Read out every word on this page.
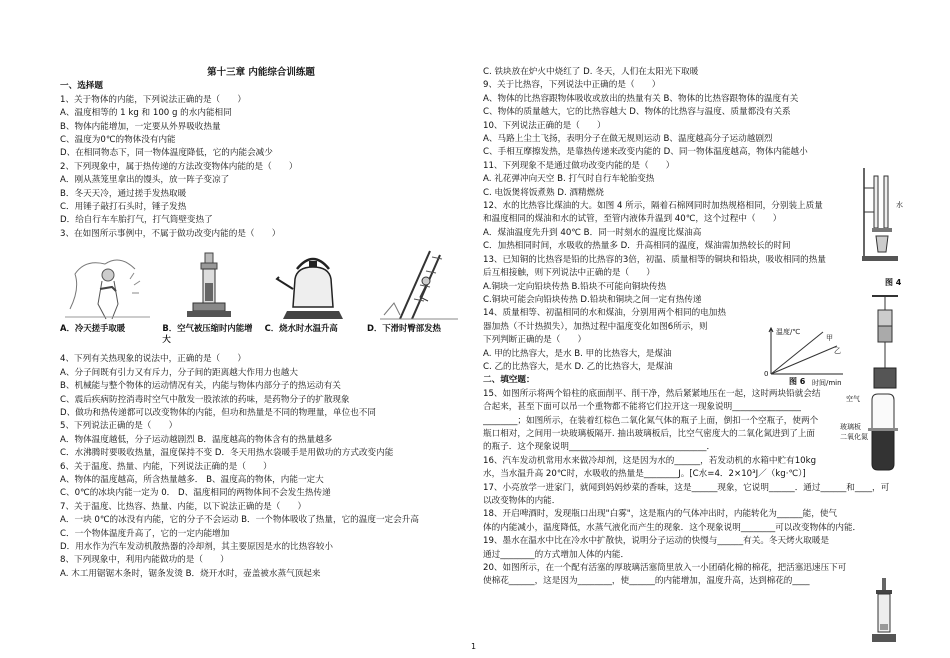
第十三章 内能综合训练题
一、选择题
1、关于物体的内能，下列说法正确的是（　　）
A、温度相等的 1 kg 和 100 g 的水内能相同
B、物体内能增加，一定要从外界吸收热量
C、温度为0℃的物体没有内能
D、在相同物态下，同一物体温度降低，它的内能会减少
2、下列现象中，属于热传递的方法改变物体内能的是（　　）
A．刚从蒸笼里拿出的馒头，放一阵子变凉了
B．冬天天冷，通过搓手发热取暖
C．用锤子敲打石头时，锤子发热
D．给自行车车胎打气，打气筒壁变热了
3、在如图所示事例中，不属于做功改变内能的是（　　）
A．冷天搓手取暖	B．空气被压缩时内能增大
C．烧水时水温升高	D．下滑时臀部发热
4、下列有关热现象的说法中，正确的是（　　）
A、分子间既有引力又有斥力，分子间的距离越大作用力也越大
B、机械能与整个物体的运动情况有关，内能与物体内部分子的热运动有关
C、震后疾病防控消毒时空气中散发一股浓浓的药味，是药物分子的扩散现象
D、做功和热传递都可以改变物体的内能，但功和热量是不同的物理量，单位也不同
5、下列说法正确的是（　　）
A．物体温度越低，分子运动越剧烈 B．温度越高的物体含有的热量越多
C．水沸腾时要吸收热量，温度保持不变 D．冬天用热水袋暖手是用做功的方式改变内能
6、关于温度、热量、内能，下列说法正确的是（　　）
A、物体的温度越高，所含热量越多． B、温度高的物体，内能一定大
C、0℃的冰块内能一定为 0． D、温度相同的两物体间不会发生热传递
7、关于温度、比热容、热量、内能，以下说法正确的是（　　）
A．一块 0℃的冰没有内能，它的分子不会运动 B．一个物体吸收了热量，它的温度一定会升高
C．一个物体温度升高了，它的一定内能增加
D．用水作为汽车发动机散热器的冷却剂，其主要原因是水的比热容较小
8、下列现象中，利用内能做功的是（　　）
A. 木工用锯锯木条时，锯条发烫 B．烧开水时，壶盖被水蒸气顶起来
C. 铁块放在炉火中烧红了 D. 冬天，人们在太阳光下取暖
9、关于比热容，下列说法中正确的是（　　）
A、物体的比热容跟物体吸收或放出的热量有关 B、物体的比热容跟物体的温度有关
C、物体的质量越大，它的比热容越大 D、物体的比热容与温度、质量都没有关系
10、下列说法正确的是（　　）
A、马路上尘土飞扬，表明分子在做无规则运动 B、温度越高分子运动越剧烈
C、手相互摩擦发热，是靠热传递来改变内能的 D、同一物体温度越高，物体内能越小
11、下列现象不是通过做功改变内能的是（　　）
A. 礼花弹冲向天空 B. 打气时自行车轮胎变热
C. 电饭煲将饭煮熟 D. 酒精燃烧
12、水的比热容比煤油的大。如图 4 所示，隔着石棉网同时加热规格相同，分别装上质量
和温度相同的煤油和水的试管，至管内液体升温到 40℃，这个过程中（　　）
A．煤油温度先升到 40℃ B．同一时刻水的温度比煤油高
C．加热相同时间，水吸收的热量多 D．升高相同的温度，煤油需加热较长的时间
13、已知铜的比热容是铅的比热容的3倍，初温、质量相等的铜块和铅块，吸收相同的热量
后互相接触，则下列说法中正确的是（　　）
A.铜块一定向铅块传热 B.铅块不可能向铜块传热
C.铜块可能会向铅块传热 D.铅块和铜块之间一定有热传递
14、质量相等、初温相同的水和煤油，分别用两个相同的电加热
器加热（不计热损失），加热过程中温度变化如图6所示，则
下列判断正确的是（　　）
A. 甲的比热容大，是水 B. 甲的比热容大，是煤油
C. 乙的比热容大，是水 D. 乙的比热容大，是煤油
二、填空题：
15、如图所示将两个铅柱的底面削平、削干净，然后紧紧地压在一起，这时两块铅就会结
合起来，甚至下面可以吊一个重物都不能将它们拉开这一现象说明________________
________；如图所示，在装着红棕色二氧化氮气体的瓶子上面，倒扣一个空瓶子，使两个
瓶口相对，之间用一块玻璃板隔开. 抽出玻璃板后，比空气密度大的二氧化氮进到了上面
的瓶子．这个现象说明________________________________．
16、汽车发动机常用水来做冷却剂，这是因为水的______，若发动机的水箱中贮有10kg
水，当水温升高 20℃时，水吸收的热量是________J。[C水=4．2×10³J／（kg·℃）]
17、小亮放学一进家门，就闻到妈妈炒菜的香味，这是______现象，它说明______．通过______和____，可
以改变物体的内能．
18、开启啤酒时，发现瓶口出现"白雾"，这是瓶内的气体冲出时，内能转化为______能，使气
体的内能减小，温度降低，水蒸气液化而产生的现象．这个现象说明________可以改变物体的内能．
19、墨水在温水中比在冷水中扩散快，说明分子运动的快慢与______有关。冬天烤火取暖是
通过________的方式增加人体的内能．
20、如图所示，在一个配有活塞的厚玻璃活塞筒里放入一小团硝化棉的棉花，把活塞迅速压下可
使棉花______，这是因为________，使______的内能增加，温度升高，达到棉花的____
水
图 4
温度/℃
甲
乙
0
时间/min
图 6
空气
玻璃板
二氧化氮
1
